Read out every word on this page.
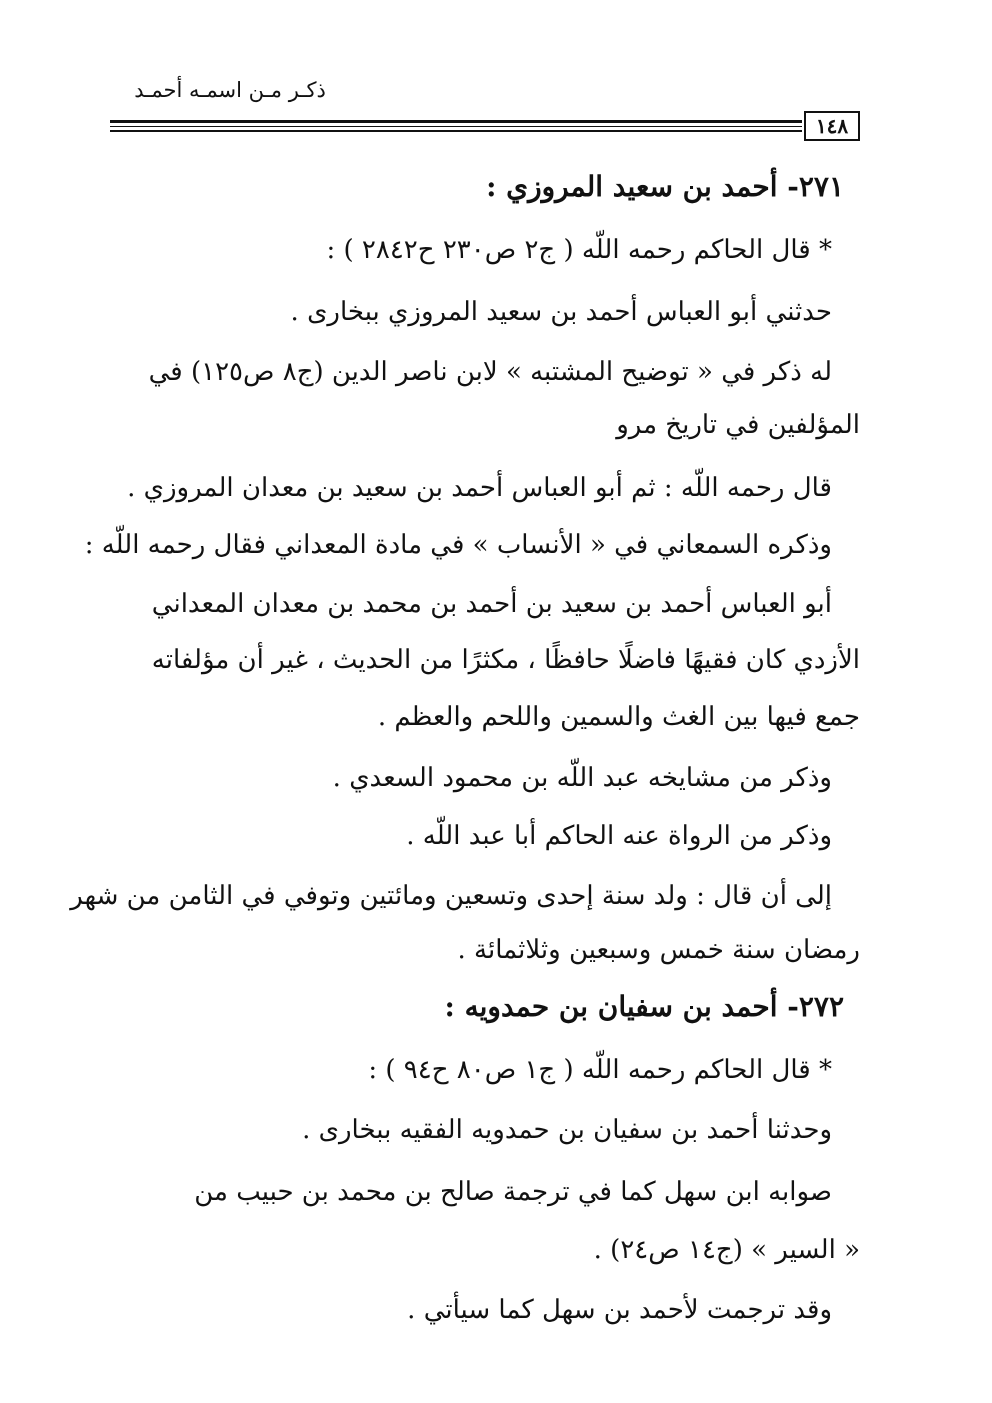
ذكـر مـن اسمـه أحمـد
١٤٨
٢٧١- أحمد بن سعيد المروزي :
* قال الحاكم رحمه اللّه ( ج٢ ص٢٣٠ ح٢٨٤٢ ) :
حدثني أبو العباس أحمد بن سعيد المروزي ببخارى .
له ذكر في « توضيح المشتبه » لابن ناصر الدين (ج٨ ص١٢٥) في
المؤلفين في تاريخ مرو
قال رحمه اللّه : ثم أبو العباس أحمد بن سعيد بن معدان المروزي .
وذكره السمعاني في « الأنساب » في مادة المعداني فقال رحمه اللّه :
أبو العباس أحمد بن سعيد بن أحمد بن محمد بن معدان المعداني
الأزدي كان فقيهًا فاضلًا حافظًا ، مكثرًا من الحديث ، غير أن مؤلفاته
جمع فيها بين الغث والسمين واللحم والعظم .
وذكر من مشايخه عبد اللّه بن محمود السعدي .
وذكر من الرواة عنه الحاكم أبا عبد اللّه .
إلى أن قال : ولد سنة إحدى وتسعين ومائتين وتوفي في الثامن من شهر
رمضان سنة خمس وسبعين وثلاثمائة .
٢٧٢- أحمد بن سفيان بن حمدويه :
* قال الحاكم رحمه اللّه ( ج١ ص٨٠ ح٩٤ ) :
وحدثنا أحمد بن سفيان بن حمدويه الفقيه ببخارى .
صوابه ابن سهل كما في ترجمة صالح بن محمد بن حبيب من
« السير » (ج١٤ ص٢٤) .
وقد ترجمت لأحمد بن سهل كما سيأتي .
